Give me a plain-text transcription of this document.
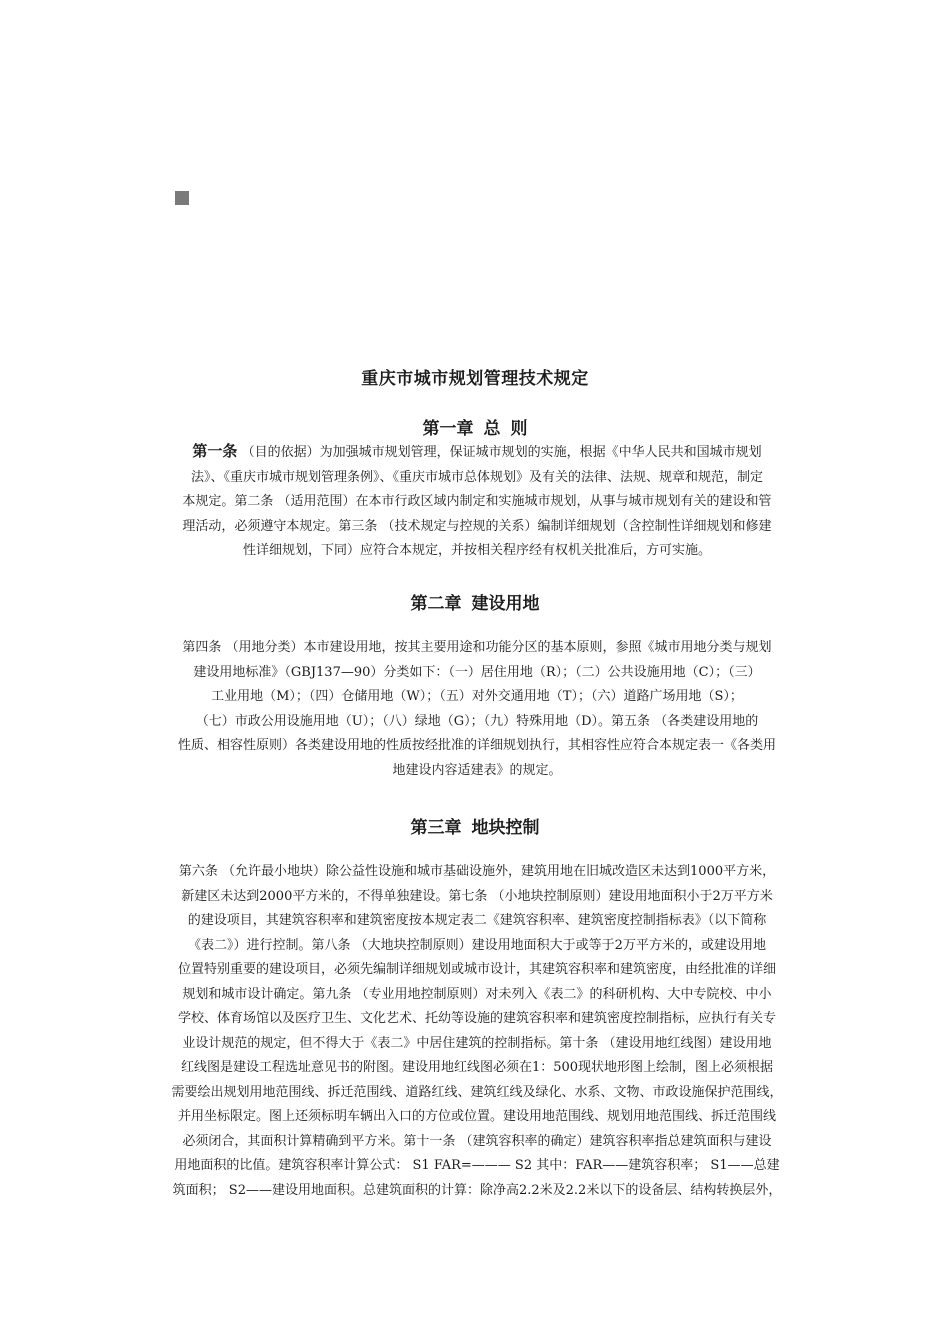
重庆市城市规划管理技术规定
第一章 总 则
第一条 （目的依据）为加强城市规划管理，保证城市规划的实施，根据《中华人民共和国城市规划
法》、《重庆市城市规划管理条例》、《重庆市城市总体规划》及有关的法律、法规、规章和规范，制定
本规定。第二条 （适用范围）在本市行政区域内制定和实施城市规划，从事与城市规划有关的建设和管
理活动，必须遵守本规定。第三条 （技术规定与控规的关系）编制详细规划（含控制性详细规划和修建
性详细规划，下同）应符合本规定，并按相关程序经有权机关批准后，方可实施。
第二章 建设用地
第四条 （用地分类）本市建设用地，按其主要用途和功能分区的基本原则，参照《城市用地分类与规划
建设用地标准》（GBJ137—90）分类如下：（一）居住用地（R）；（二）公共设施用地（C）；（三）
工业用地（M）；（四）仓储用地（W）；（五）对外交通用地（T）；（六）道路广场用地（S）；
（七）市政公用设施用地（U）；（八）绿地（G）；（九）特殊用地（D）。第五条 （各类建设用地的
性质、相容性原则）各类建设用地的性质按经批准的详细规划执行，其相容性应符合本规定表一《各类用
地建设内容适建表》的规定。
第三章 地块控制
第六条 （允许最小地块）除公益性设施和城市基础设施外，建筑用地在旧城改造区未达到1000平方米，
新建区未达到2000平方米的，不得单独建设。第七条 （小地块控制原则）建设用地面积小于2万平方米
的建设项目，其建筑容积率和建筑密度按本规定表二《建筑容积率、建筑密度控制指标表》（以下简称
《表二》）进行控制。第八条 （大地块控制原则）建设用地面积大于或等于2万平方米的，或建设用地
位置特别重要的建设项目，必须先编制详细规划或城市设计，其建筑容积率和建筑密度，由经批准的详细
规划和城市设计确定。第九条 （专业用地控制原则）对未列入《表二》的科研机构、大中专院校、中小
学校、体育场馆以及医疗卫生、文化艺术、托幼等设施的建筑容积率和建筑密度控制指标，应执行有关专
业设计规范的规定，但不得大于《表二》中居住建筑的控制指标。第十条 （建设用地红线图）建设用地
红线图是建设工程选址意见书的附图。建设用地红线图必须在1：500现状地形图上绘制，图上必须根据
需要绘出规划用地范围线、拆迁范围线、道路红线、建筑红线及绿化、水系、文物、市政设施保护范围线，
并用坐标限定。图上还须标明车辆出入口的方位或位置。建设用地范围线、规划用地范围线、拆迁范围线
必须闭合，其面积计算精确到平方米。第十一条 （建筑容积率的确定）建筑容积率指总建筑面积与建设
用地面积的比值。建筑容积率计算公式： S1 FAR=——— S2 其中：FAR——建筑容积率； S1——总建
筑面积； S2——建设用地面积。总建筑面积的计算：除净高2.2米及2.2米以下的设备层、结构转换层外，
